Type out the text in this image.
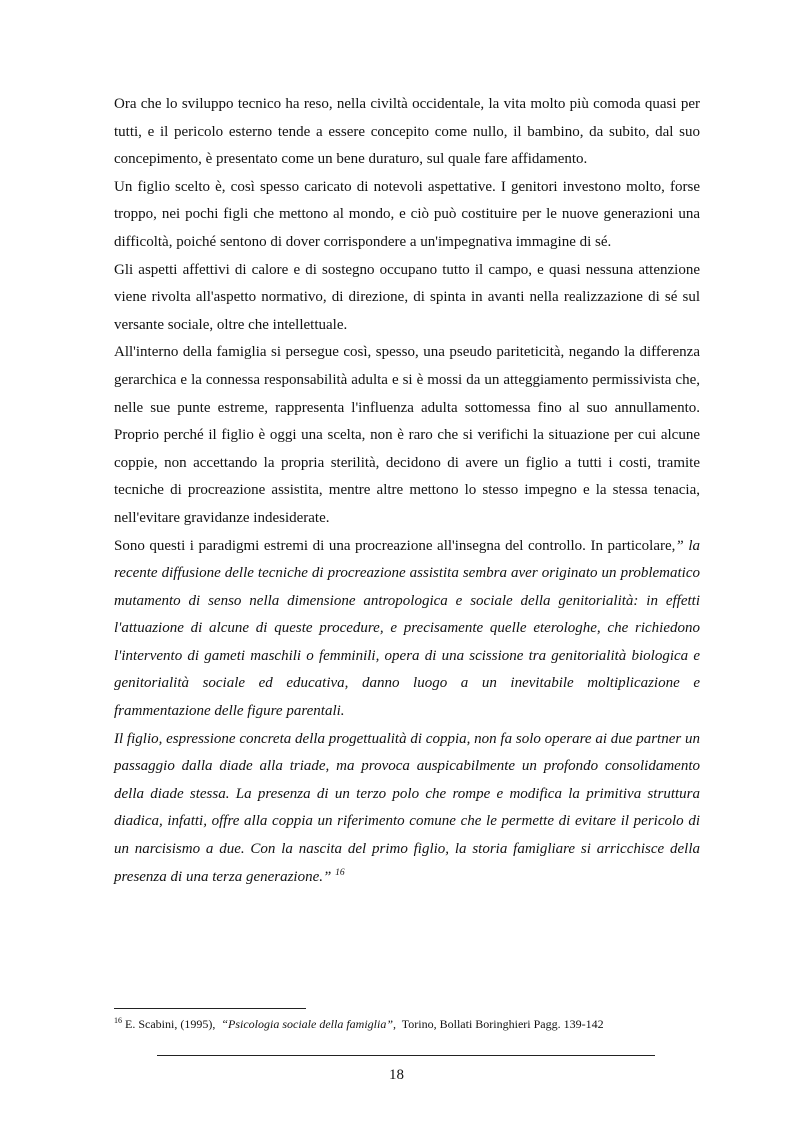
Ora che lo sviluppo tecnico ha reso, nella civiltà occidentale, la vita molto più comoda quasi per tutti, e il pericolo esterno tende a essere concepito come nullo, il bambino, da subito, dal suo concepimento, è presentato come un bene duraturo, sul quale fare affidamento.

Un figlio scelto è, così spesso caricato di notevoli aspettative. I genitori investono molto, forse troppo, nei pochi figli che mettono al mondo, e ciò può costituire per le nuove generazioni una difficoltà, poiché sentono di dover corrispondere a un'impegnativa immagine di sé.

Gli aspetti affettivi di calore e di sostegno occupano tutto il campo, e quasi nessuna attenzione viene rivolta all'aspetto normativo, di direzione, di spinta in avanti nella realizzazione di sé sul versante sociale, oltre che intellettuale.

All'interno della famiglia si persegue così, spesso, una pseudo pariteticità, negando la differenza gerarchica e la connessa responsabilità adulta e si è mossi da un atteggiamento permissivista che, nelle sue punte estreme, rappresenta l'influenza adulta sottomessa fino al suo annullamento. Proprio perché il figlio è oggi una scelta, non è raro che si verifichi la situazione per cui alcune coppie, non accettando la propria sterilità, decidono di avere un figlio a tutti i costi, tramite tecniche di procreazione assistita, mentre altre mettono lo stesso impegno e la stessa tenacia, nell'evitare gravidanze indesiderate.

Sono questi i paradigmi estremi di una procreazione all'insegna del controllo. In particolare,” la recente diffusione delle tecniche di procreazione assistita sembra aver originato un problematico mutamento di senso nella dimensione antropologica e sociale della genitorialità: in effetti l'attuazione di alcune di queste procedure, e precisamente quelle eterologhe, che richiedono l'intervento di gameti maschili o femminili, opera di una scissione tra genitorialità biologica e genitorialità sociale ed educativa, danno luogo a un inevitabile moltiplicazione e frammentazione delle figure parentali.

Il figlio, espressione concreta della progettualità di coppia, non fa solo operare ai due partner un passaggio dalla diade alla triade, ma provoca auspicabilmente un profondo consolidamento della diade stessa. La presenza di un terzo polo che rompe e modifica la primitiva struttura diadica, infatti, offre alla coppia un riferimento comune che le permette di evitare il pericolo di un narcisismo a due. Con la nascita del primo figlio, la storia famigliare si arricchisce della presenza di una terza generazione.” $^{16}$

$^{16}$ E. Scabini, (1995), “Psicologia sociale della famiglia”, Torino, Bollati Boringhieri Pagg. 139-142
18
